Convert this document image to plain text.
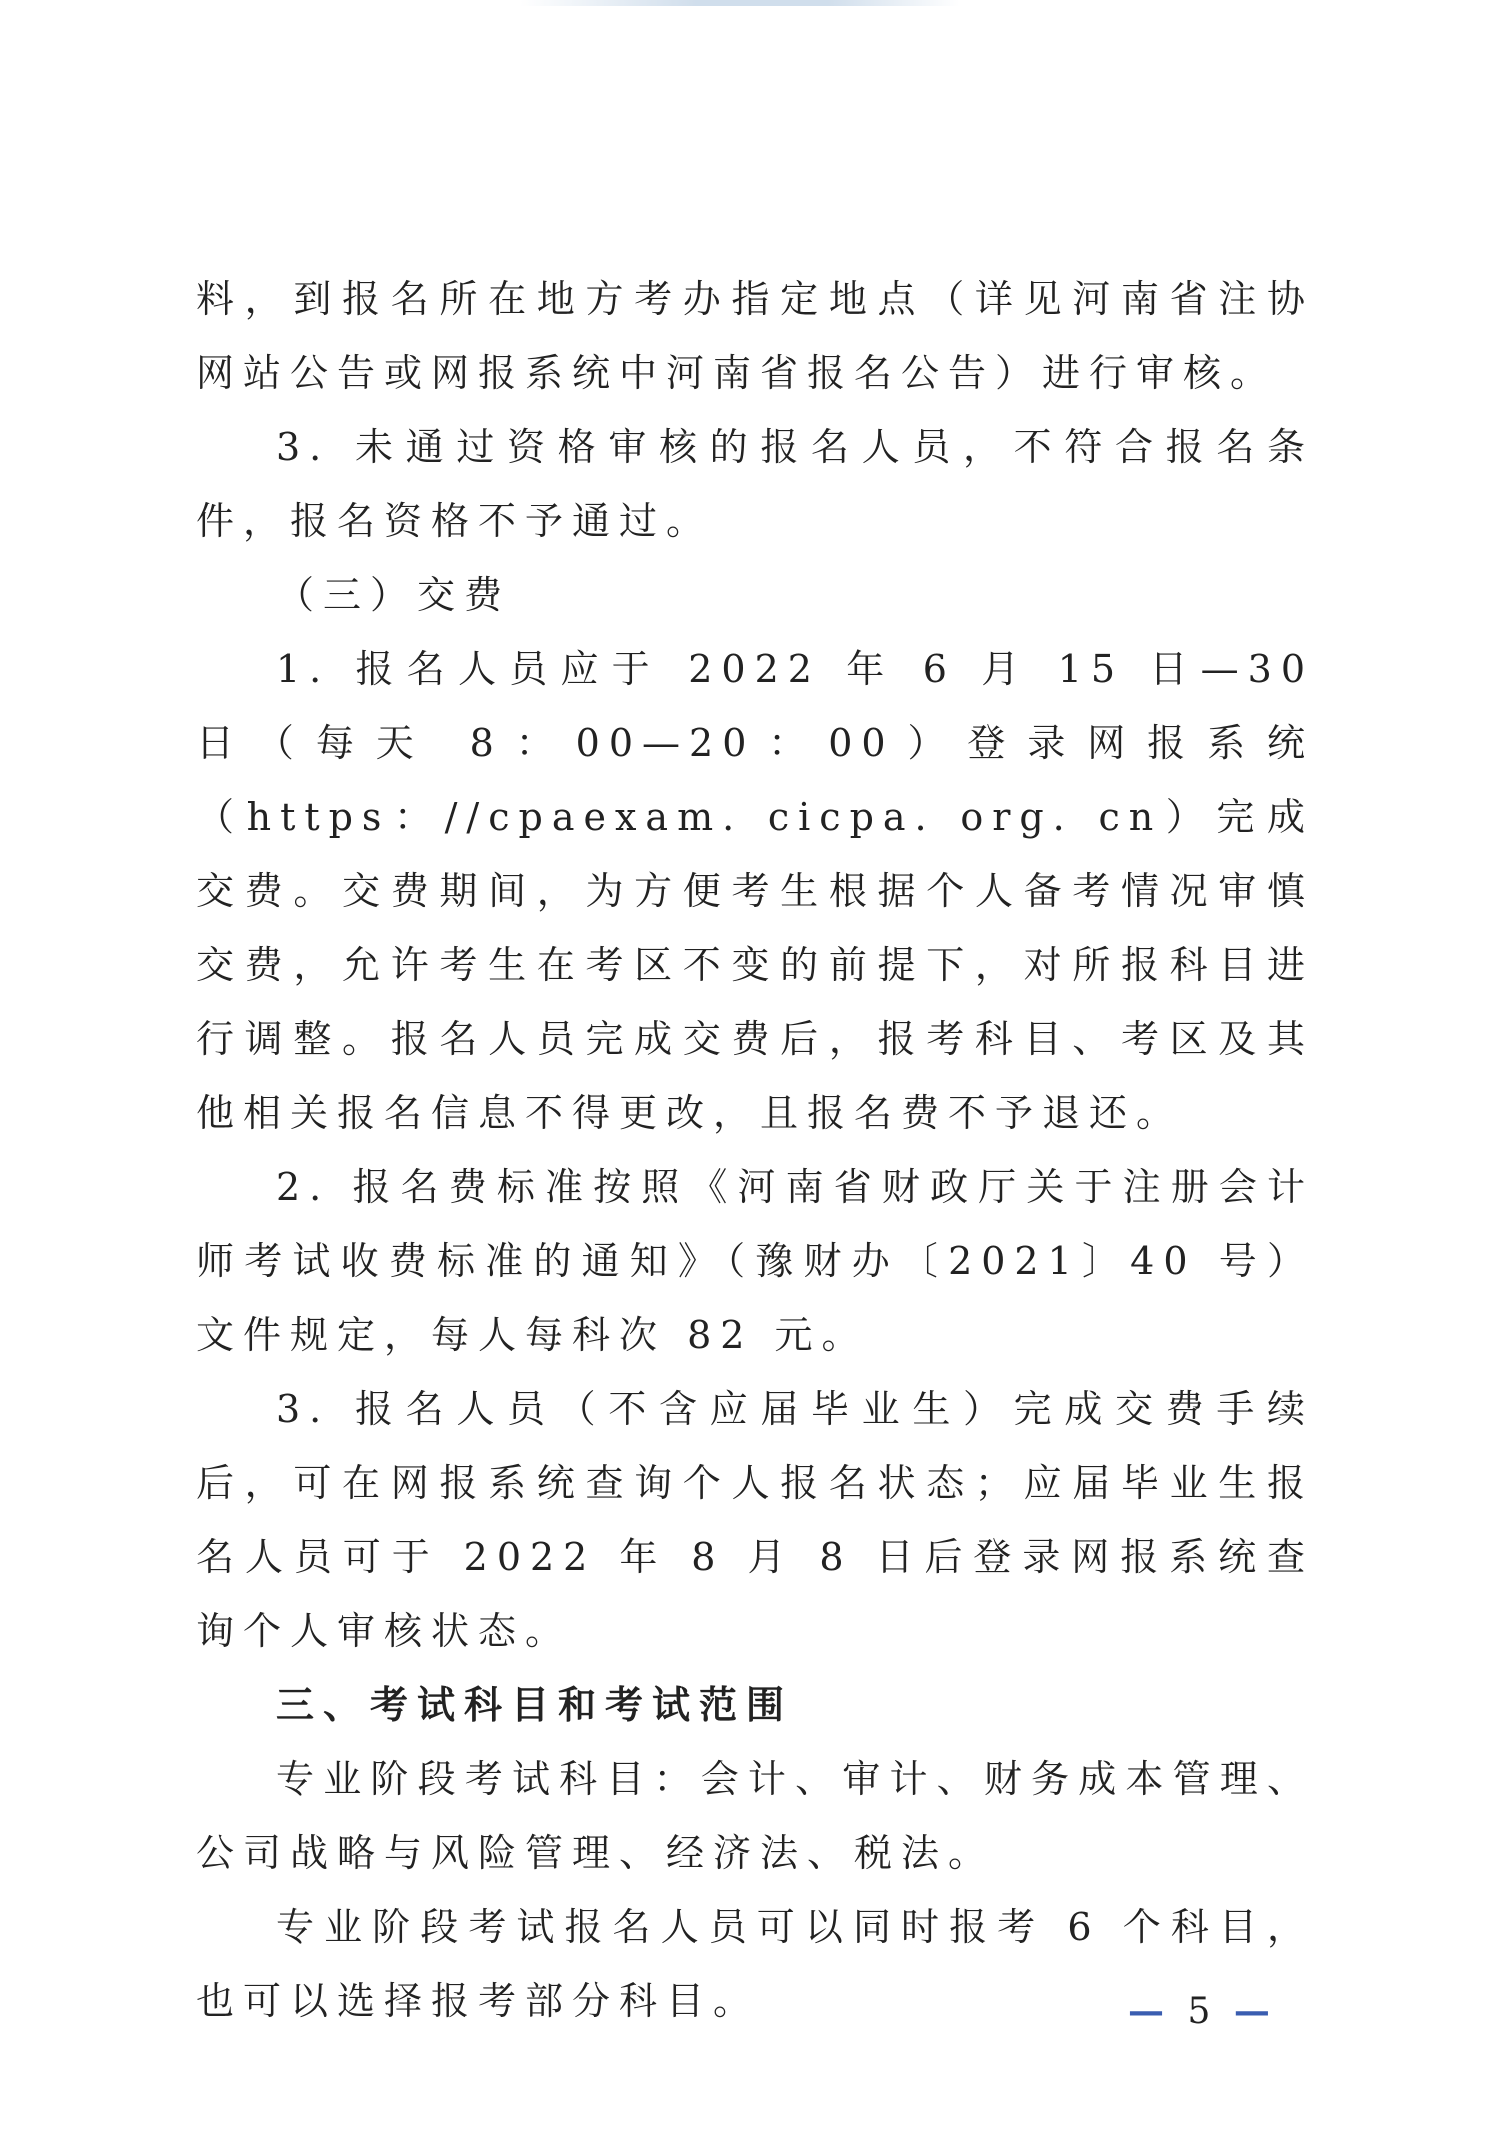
料，到报名所在地方考办指定地点（详见河南省注协网站公告或网报系统中河南省报名公告）进行审核。

3. 未通过资格审核的报名人员，不符合报名条件，报名资格不予通过。

（三）交费

1. 报名人员应于 2022 年 6 月 15 日—30 日（每天 8：00—20：00）登录网报系统（https：//cpaexam. cicpa. org. cn）完成交费。交费期间，为方便考生根据个人备考情况审慎交费，允许考生在考区不变的前提下，对所报科目进行调整。报名人员完成交费后，报考科目、考区及其他相关报名信息不得更改，且报名费不予退还。

2. 报名费标准按照《河南省财政厅关于注册会计师考试收费标准的通知》（豫财办〔2021〕40 号）文件规定，每人每科次 82 元。

3. 报名人员（不含应届毕业生）完成交费手续后，可在网报系统查询个人报名状态；应届毕业生报名人员可于 2022 年 8 月 8 日后登录网报系统查询个人审核状态。

三、考试科目和考试范围

专业阶段考试科目：会计、审计、财务成本管理、公司战略与风险管理、经济法、税法。

专业阶段考试报名人员可以同时报考 6 个科目，也可以选择报考部分科目。	— 5 —
